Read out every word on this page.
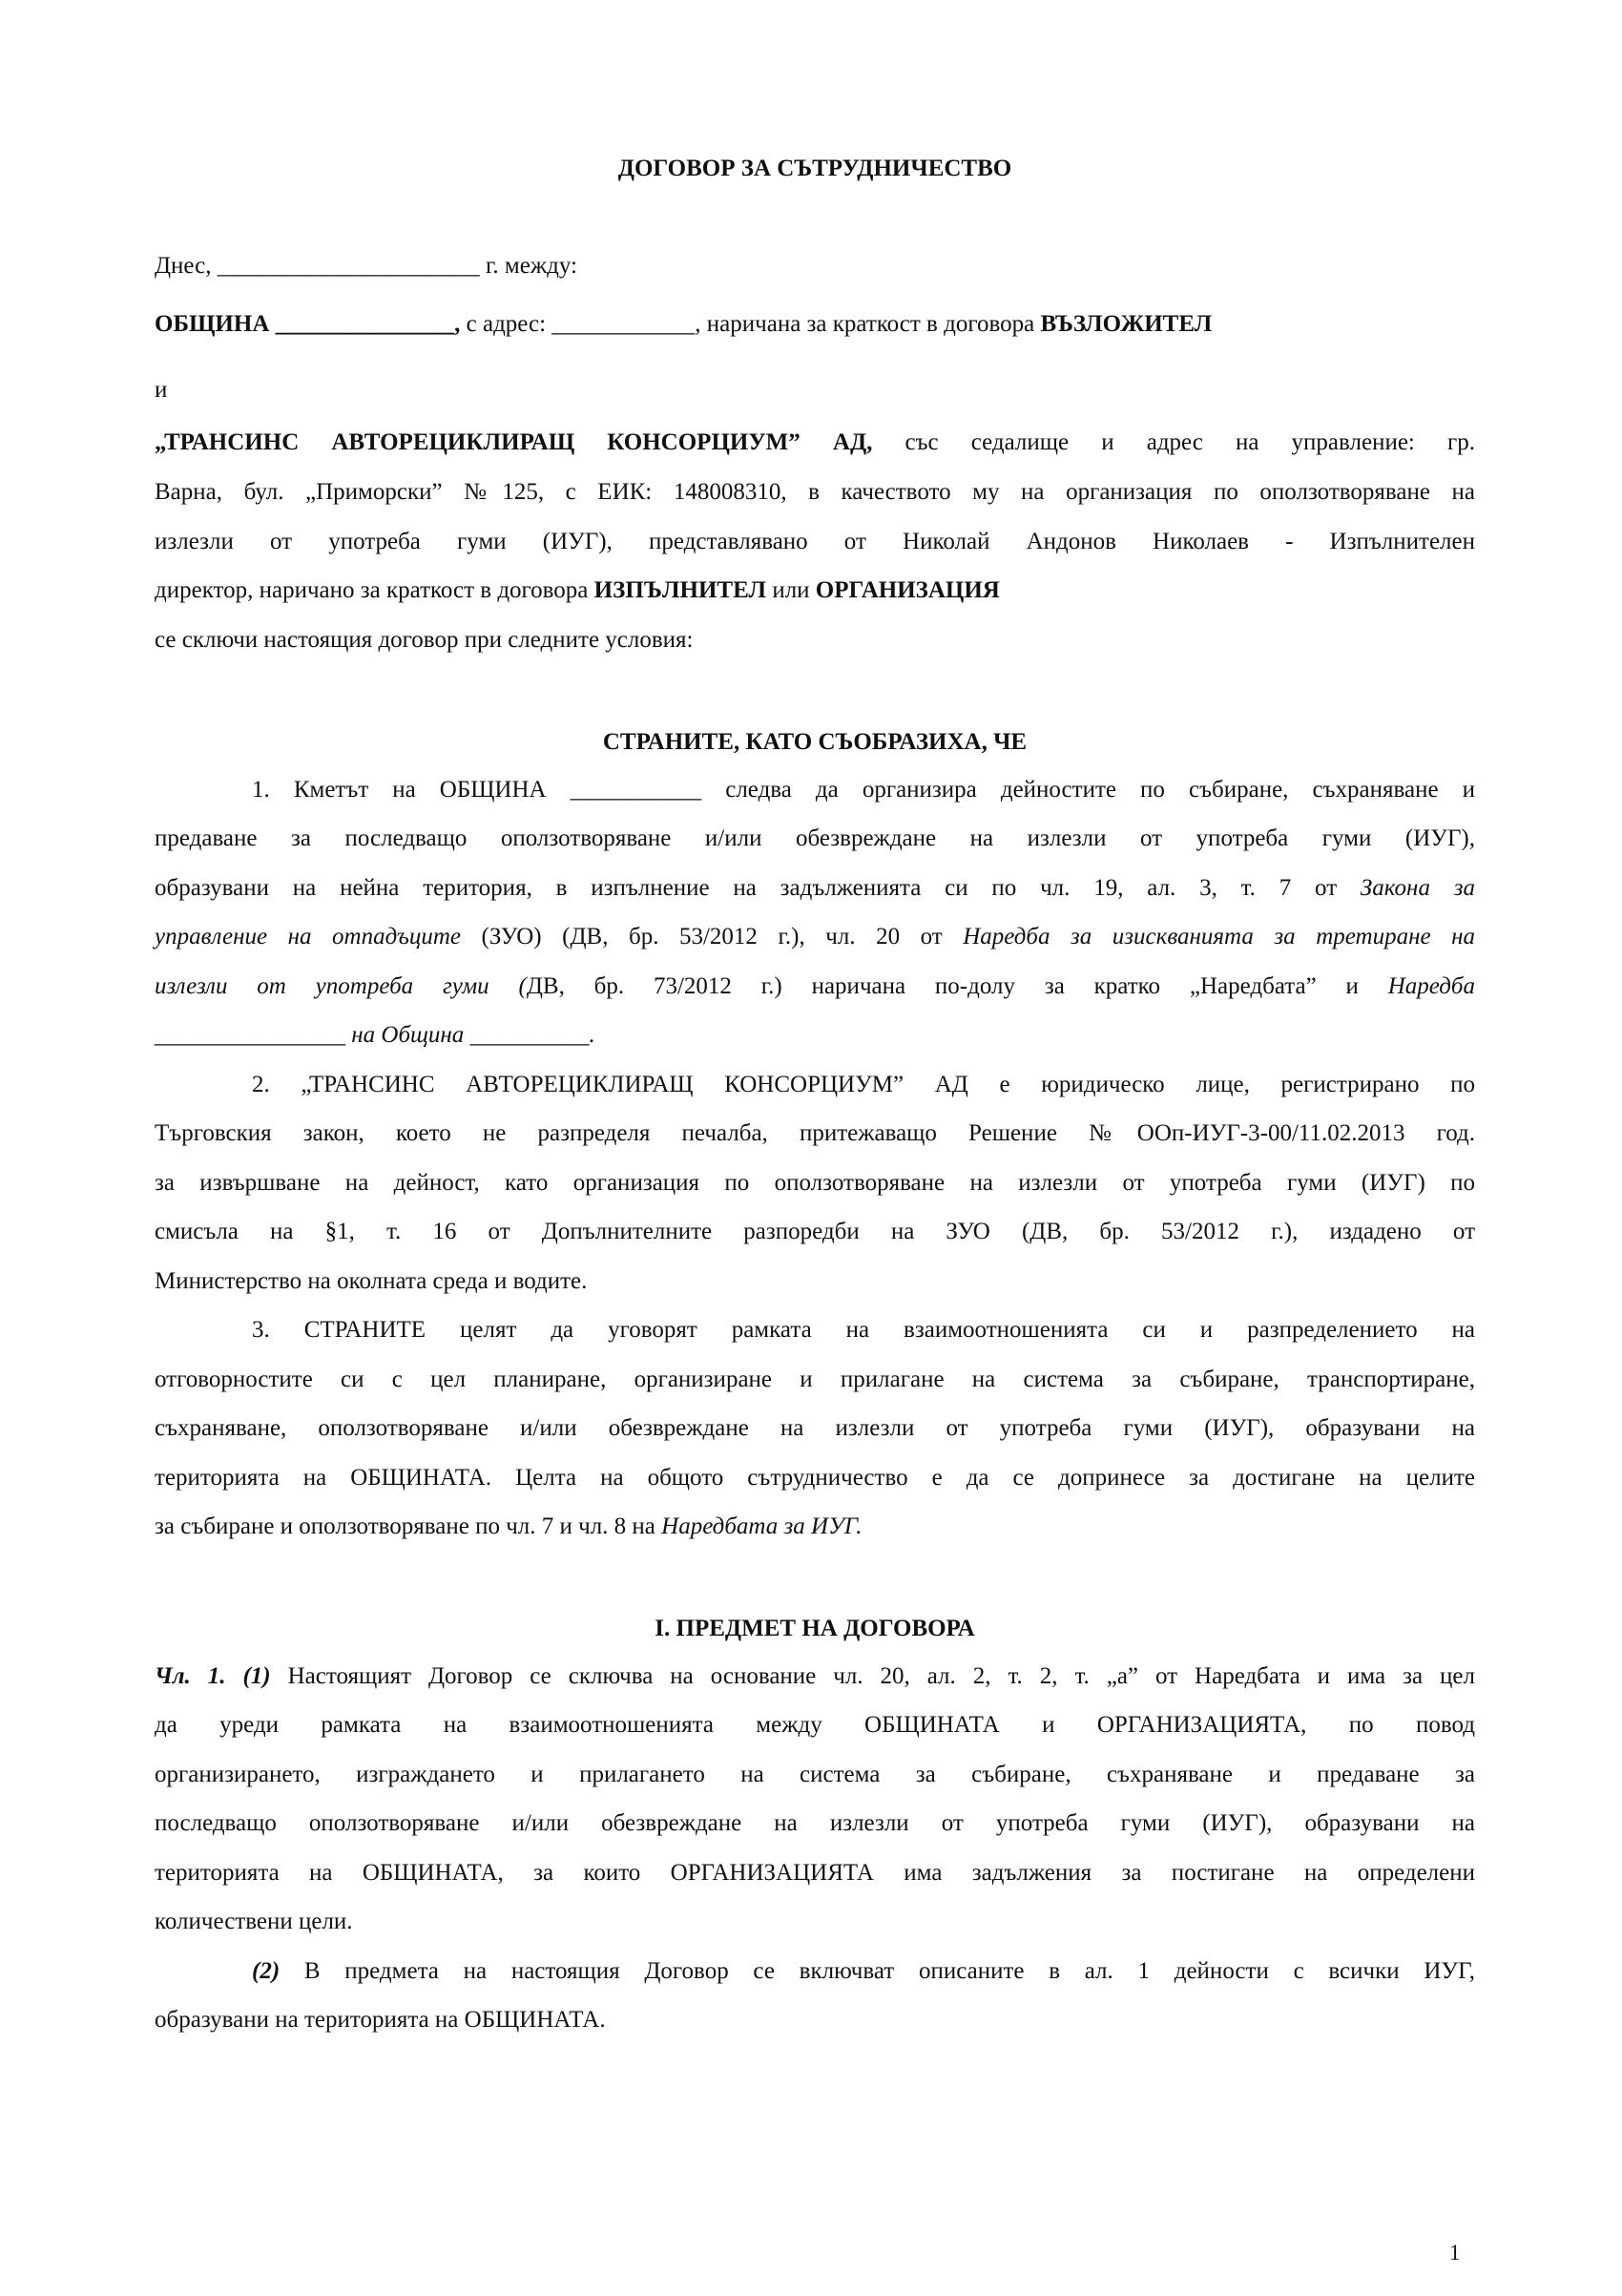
ДОГОВОР ЗА СЪТРУДНИЧЕСТВО
Днес, ______________________ г. между:
ОБЩИНА _______________, с адрес: ____________, наричана за краткост в договора ВЪЗЛОЖИТЕЛ
и
„ТРАНСИНС АВТОРЕЦИКЛИРАЩ КОНСОРЦИУМ” АД, със седалище и адрес на управление: гр.
Варна, бул. „Приморски” №125, с ЕИК: 148008310, в качеството му на организация по оползотворяване на
излезли от употреба гуми (ИУГ), представлявано от Николай Андонов Николаев - Изпълнителен
директор, наричано за краткост в договора ИЗПЪЛНИТЕЛ или ОРГАНИЗАЦИЯ
се сключи настоящия договор при следните условия:
СТРАНИТЕ, КАТО СЪОБРАЗИХА, ЧЕ
1. Кметът на ОБЩИНА ___________ следва да организира дейностите по събиране, съхраняване и
предаване за последващо оползотворяване и/или обезвреждане на излезли от употреба гуми (ИУГ),
образувани на нейна територия, в изпълнение на задълженията си по чл. 19, ал. 3, т. 7 от Закона за
управление на отпадъците (ЗУО) (ДВ, бр. 53/2012 г.), чл. 20 от Наредба за изискванията за третиране на
излезли от употреба гуми (ДВ, бр. 73/2012 г.) наричана по-долу за кратко „Наредбата” и Наредба
________________ на Община __________.
2. „ТРАНСИНС АВТОРЕЦИКЛИРАЩ КОНСОРЦИУМ” АД е юридическо лице, регистрирано по
Търговския закон, което не разпределя печалба, притежаващо Решение №ООп-ИУГ-3-00/11.02.2013 год.
за извършване на дейност, като организация по оползотворяване на излезли от употреба гуми (ИУГ) по
смисъла на §1, т. 16 от Допълнителните разпоредби на ЗУО (ДВ, бр. 53/2012 г.), издадено от
Министерство на околната среда и водите.
3. СТРАНИТЕ целят да уговорят рамката на взаимоотношенията си и разпределението на
отговорностите си с цел планиране, организиране и прилагане на система за събиране, транспортиране,
съхраняване, оползотворяване и/или обезвреждане на излезли от употреба гуми (ИУГ), образувани на
територията на ОБЩИНАТА. Целта на общото сътрудничество е да се допринесе за достигане на целите
за събиране и оползотворяване по чл. 7 и чл. 8 на Наредбата за ИУГ.
I. ПРЕДМЕТ НА ДОГОВОРА
Чл. 1. (1) Настоящият Договор се сключва на основание чл. 20, ал. 2, т. 2, т. „а” от Наредбата и има за цел
да уреди рамката на взаимоотношенията между ОБЩИНАТА и ОРГАНИЗАЦИЯТА, по повод
организирането, изграждането и прилагането на система за събиране, съхраняване и предаване за
последващо оползотворяване и/или обезвреждане на излезли от употреба гуми (ИУГ), образувани на
територията на ОБЩИНАТА, за които ОРГАНИЗАЦИЯТА има задължения за постигане на определени
количествени цели.
(2) В предмета на настоящия Договор се включват описаните в ал. 1 дейности с всички ИУГ,
образувани на територията на ОБЩИНАТА.
1
